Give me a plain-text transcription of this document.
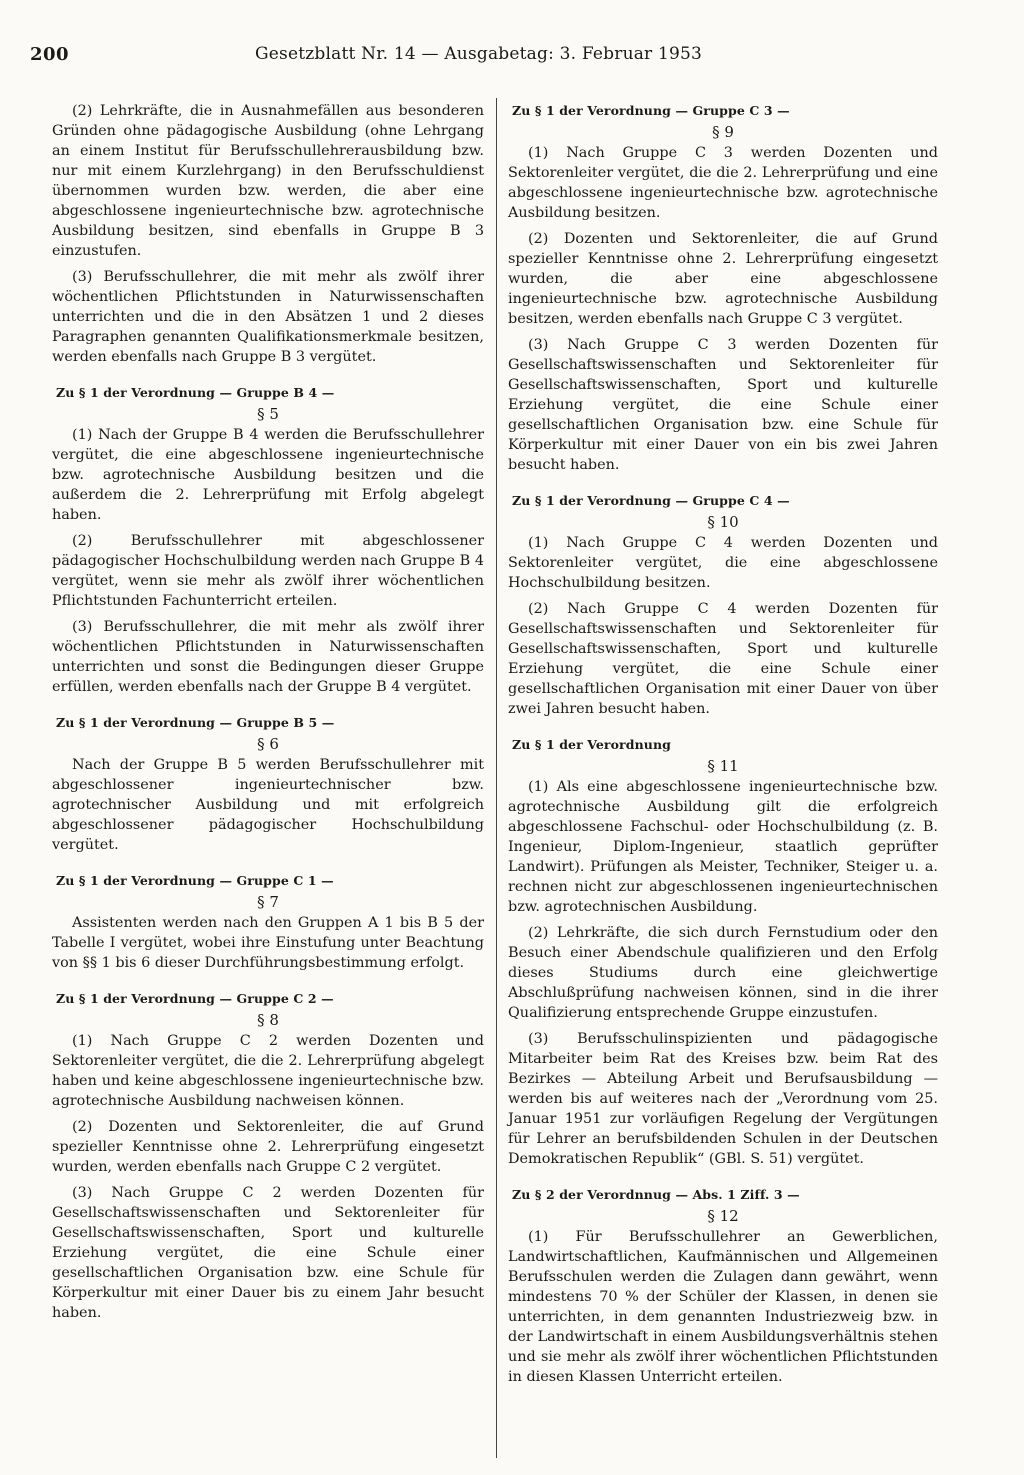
200	Gesetzblatt Nr. 14 — Ausgabetag: 3. Februar 1953

(2) Lehrkräfte, die in Ausnahmefällen aus besonderen Gründen ohne pädagogische Ausbildung (ohne Lehrgang an einem Institut für Berufsschullehrerausbildung bzw. nur mit einem Kurzlehrgang) in den Berufsschuldienst übernommen wurden bzw. werden, die aber eine abgeschlossene ingenieurtechnische bzw. agrotechnische Ausbildung besitzen, sind ebenfalls in Gruppe B 3 einzustufen.

(3) Berufsschullehrer, die mit mehr als zwölf ihrer wöchentlichen Pflichtstunden in Naturwissenschaften unterrichten und die in den Absätzen 1 und 2 dieses Paragraphen genannten Qualifikationsmerkmale besitzen, werden ebenfalls nach Gruppe B 3 vergütet.

Zu § 1 der Verordnung — Gruppe B 4 —
§ 5

(1) Nach der Gruppe B 4 werden die Berufsschullehrer vergütet, die eine abgeschlossene ingenieurtechnische bzw. agrotechnische Ausbildung besitzen und die außerdem die 2. Lehrerprüfung mit Erfolg abgelegt haben.

(2) Berufsschullehrer mit abgeschlossener pädagogischer Hochschulbildung werden nach Gruppe B 4 vergütet, wenn sie mehr als zwölf ihrer wöchentlichen Pflichtstunden Fachunterricht erteilen.

(3) Berufsschullehrer, die mit mehr als zwölf ihrer wöchentlichen Pflichtstunden in Naturwissenschaften unterrichten und sonst die Bedingungen dieser Gruppe erfüllen, werden ebenfalls nach der Gruppe B 4 vergütet.

Zu § 1 der Verordnung — Gruppe B 5 —
§ 6

Nach der Gruppe B 5 werden Berufsschullehrer mit abgeschlossener ingenieurtechnischer bzw. agrotechnischer Ausbildung und mit erfolgreich abgeschlossener pädagogischer Hochschulbildung vergütet.

Zu § 1 der Verordnung — Gruppe C 1 —
§ 7

Assistenten werden nach den Gruppen A 1 bis B 5 der Tabelle I vergütet, wobei ihre Einstufung unter Beachtung von §§ 1 bis 6 dieser Durchführungsbestimmung erfolgt.

Zu § 1 der Verordnung — Gruppe C 2 —
§ 8

(1) Nach Gruppe C 2 werden Dozenten und Sektorenleiter vergütet, die die 2. Lehrerprüfung abgelegt haben und keine abgeschlossene ingenieurtechnische bzw. agrotechnische Ausbildung nachweisen können.

(2) Dozenten und Sektorenleiter, die auf Grund spezieller Kenntnisse ohne 2. Lehrerprüfung eingesetzt wurden, werden ebenfalls nach Gruppe C 2 vergütet.

(3) Nach Gruppe C 2 werden Dozenten für Gesellschaftswissenschaften und Sektorenleiter für Gesellschaftswissenschaften, Sport und kulturelle Erziehung vergütet, die eine Schule einer gesellschaftlichen Organisation bzw. eine Schule für Körperkultur mit einer Dauer bis zu einem Jahr besucht haben.

Zu § 1 der Verordnung — Gruppe C 3 —
§ 9

(1) Nach Gruppe C 3 werden Dozenten und Sektorenleiter vergütet, die die 2. Lehrerprüfung und eine abgeschlossene ingenieurtechnische bzw. agrotechnische Ausbildung besitzen.

(2) Dozenten und Sektorenleiter, die auf Grund spezieller Kenntnisse ohne 2. Lehrerprüfung eingesetzt wurden, die aber eine abgeschlossene ingenieurtechnische bzw. agrotechnische Ausbildung besitzen, werden ebenfalls nach Gruppe C 3 vergütet.

(3) Nach Gruppe C 3 werden Dozenten für Gesellschaftswissenschaften und Sektorenleiter für Gesellschaftswissenschaften, Sport und kulturelle Erziehung vergütet, die eine Schule einer gesellschaftlichen Organisation bzw. eine Schule für Körperkultur mit einer Dauer von ein bis zwei Jahren besucht haben.

Zu § 1 der Verordnung — Gruppe C 4 —
§ 10

(1) Nach Gruppe C 4 werden Dozenten und Sektorenleiter vergütet, die eine abgeschlossene Hochschulbildung besitzen.

(2) Nach Gruppe C 4 werden Dozenten für Gesellschaftswissenschaften und Sektorenleiter für Gesellschaftswissenschaften, Sport und kulturelle Erziehung vergütet, die eine Schule einer gesellschaftlichen Organisation mit einer Dauer von über zwei Jahren besucht haben.

Zu § 1 der Verordnung
§ 11

(1) Als eine abgeschlossene ingenieurtechnische bzw. agrotechnische Ausbildung gilt die erfolgreich abgeschlossene Fachschul- oder Hochschulbildung (z. B. Ingenieur, Diplom-Ingenieur, staatlich geprüfter Landwirt). Prüfungen als Meister, Techniker, Steiger u. a. rechnen nicht zur abgeschlossenen ingenieurtechnischen bzw. agrotechnischen Ausbildung.

(2) Lehrkräfte, die sich durch Fernstudium oder den Besuch einer Abendschule qualifizieren und den Erfolg dieses Studiums durch eine gleichwertige Abschlußprüfung nachweisen können, sind in die ihrer Qualifizierung entsprechende Gruppe einzustufen.

(3) Berufsschulinspizienten und pädagogische Mitarbeiter beim Rat des Kreises bzw. beim Rat des Bezirkes — Abteilung Arbeit und Berufsausbildung — werden bis auf weiteres nach der „Verordnung vom 25. Januar 1951 zur vorläufigen Regelung der Vergütungen für Lehrer an berufsbildenden Schulen in der Deutschen Demokratischen Republik“ (GBl. S. 51) vergütet.

Zu § 2 der Verordnnug — Abs. 1 Ziff. 3 —
§ 12

(1) Für Berufsschullehrer an Gewerblichen, Landwirtschaftlichen, Kaufmännischen und Allgemeinen Berufsschulen werden die Zulagen dann gewährt, wenn mindestens 70 % der Schüler der Klassen, in denen sie unterrichten, in dem genannten Industriezweig bzw. in der Landwirtschaft in einem Ausbildungsverhältnis stehen und sie mehr als zwölf ihrer wöchentlichen Pflichtstunden in diesen Klassen Unterricht erteilen.
